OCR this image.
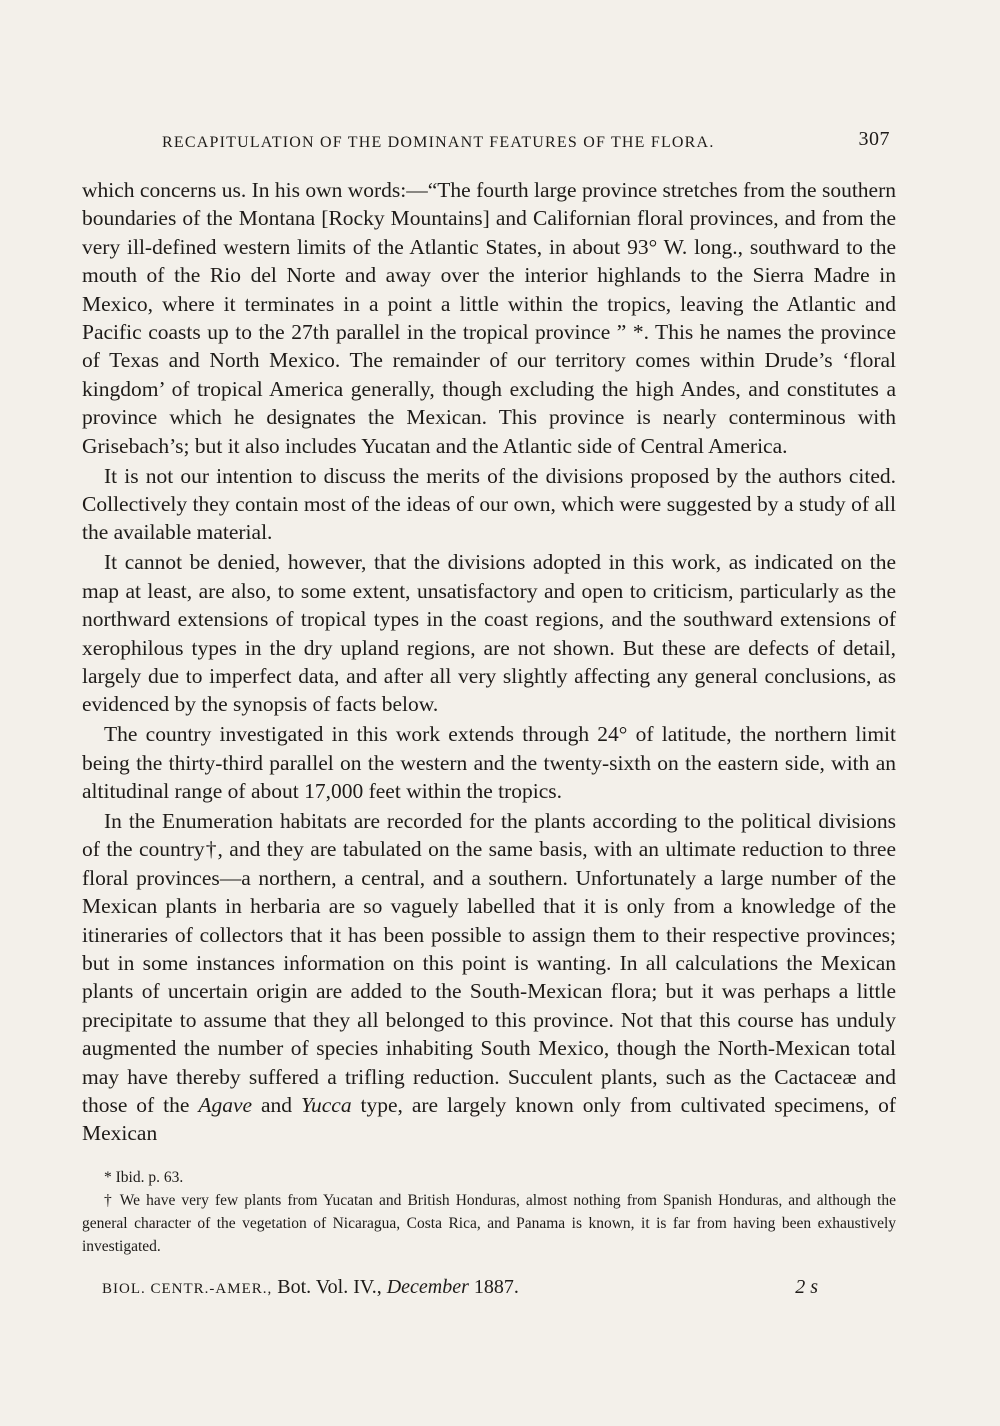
RECAPITULATION OF THE DOMINANT FEATURES OF THE FLORA.	307

which concerns us. In his own words:—“The fourth large province stretches from the southern boundaries of the Montana [Rocky Mountains] and Californian floral provinces, and from the very ill-defined western limits of the Atlantic States, in about 93° W. long., southward to the mouth of the Rio del Norte and away over the interior highlands to the Sierra Madre in Mexico, where it terminates in a point a little within the tropics, leaving the Atlantic and Pacific coasts up to the 27th parallel in the tropical province ” *. This he names the province of Texas and North Mexico. The remainder of our territory comes within Drude’s ‘floral kingdom’ of tropical America generally, though excluding the high Andes, and constitutes a province which he designates the Mexican. This province is nearly conterminous with Grisebach’s; but it also includes Yucatan and the Atlantic side of Central America.

It is not our intention to discuss the merits of the divisions proposed by the authors cited. Collectively they contain most of the ideas of our own, which were suggested by a study of all the available material.

It cannot be denied, however, that the divisions adopted in this work, as indicated on the map at least, are also, to some extent, unsatisfactory and open to criticism, particularly as the northward extensions of tropical types in the coast regions, and the southward extensions of xerophilous types in the dry upland regions, are not shown. But these are defects of detail, largely due to imperfect data, and after all very slightly affecting any general conclusions, as evidenced by the synopsis of facts below.

The country investigated in this work extends through 24° of latitude, the northern limit being the thirty-third parallel on the western and the twenty-sixth on the eastern side, with an altitudinal range of about 17,000 feet within the tropics.

In the Enumeration habitats are recorded for the plants according to the political divisions of the country†, and they are tabulated on the same basis, with an ultimate reduction to three floral provinces—a northern, a central, and a southern. Unfortunately a large number of the Mexican plants in herbaria are so vaguely labelled that it is only from a knowledge of the itineraries of collectors that it has been possible to assign them to their respective provinces; but in some instances information on this point is wanting. In all calculations the Mexican plants of uncertain origin are added to the South-Mexican flora; but it was perhaps a little precipitate to assume that they all belonged to this province. Not that this course has unduly augmented the number of species inhabiting South Mexico, though the North-Mexican total may have thereby suffered a trifling reduction. Succulent plants, such as the Cactaceæ and those of the Agave and Yucca type, are largely known only from cultivated specimens, of Mexican

* Ibid. p. 63.

† We have very few plants from Yucatan and British Honduras, almost nothing from Spanish Honduras, and although the general character of the vegetation of Nicaragua, Costa Rica, and Panama is known, it is far from having been exhaustively investigated.

BIOL. CENTR.-AMER., Bot. Vol. IV., December 1887.	2 s
